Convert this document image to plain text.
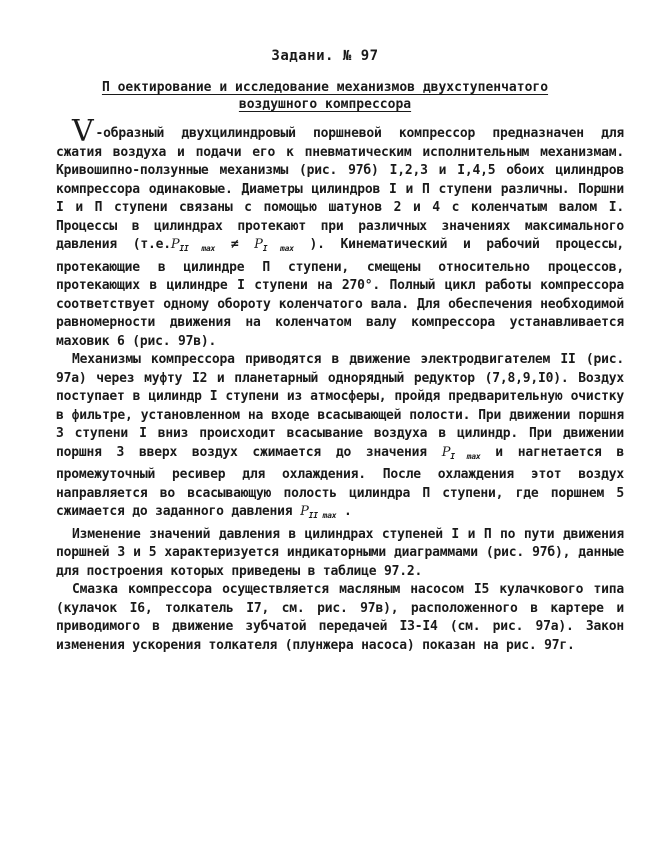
Задани. № 97
П оектирование и исследование механизмов двухступенчатого
воздушного компрессора

V -образный двухцилиндровый поршневой компрессор предназначен для сжатия воздуха и подачи его к пневматическим исполнительным механизмам. Кривошипно-ползунные механизмы (рис. 97б) I,2,3 и I,4,5 обоих цилиндров компрессора одинаковые. Диаметры цилиндров I и П ступени различны. Поршни I и П ступени связаны с помощью шатунов 2 и 4 с коленчатым валом I. Процессы в цилиндрах протекают при различных значениях максимального давления ($т.е.P_{II max} \ne P_{I max}$ ). Кинематический и рабочий процессы, протекающие в цилиндре П ступени, смещены относительно процессов, протекающих в цилиндре I ступени на 270°. Полный цикл работы компрессора соответствует одному обороту коленчатого вала. Для обеспечения необходимой равномерности движения на коленчатом валу компрессора устанавливается маховик 6 (рис. 97в).

Механизмы компрессора приводятся в движение электродвигателем II (рис. 97а) через муфту I2 и планетарный однорядный редуктор (7,8,9,I0). Воздух поступает в цилиндр I ступени из атмосферы, пройдя предварительную очистку в фильтре, установленном на входе всасывающей полости. При движении поршня 3 ступени I вниз происходит всасывание воздуха в цилиндр. При движении поршня 3 вверх воздух сжимается до значения $P_{I max}$ и нагнетается в промежуточный ресивер для охлаждения. После охлаждения этот воздух направляется во всасывающую полость цилиндра П ступени, где поршнем 5 сжимается до заданного давления $P_{II max}$ .

Изменение значений давления в цилиндрах ступеней I и П по пути движения поршней 3 и 5 характеризуется индикаторными диаграммами (рис. 97б), данные для построения которых приведены в таблице 97.2.

Смазка компрессора осуществляется масляным насосом I5 кулачкового типа (кулачок I6, толкатель I7, см. рис. 97в), расположенного в картере и приводимого в движение зубчатой передачей I3-I4 (см. рис. 97а). Закон изменения ускорения толкателя (плунжера насоса) показан на рис. 97г.
